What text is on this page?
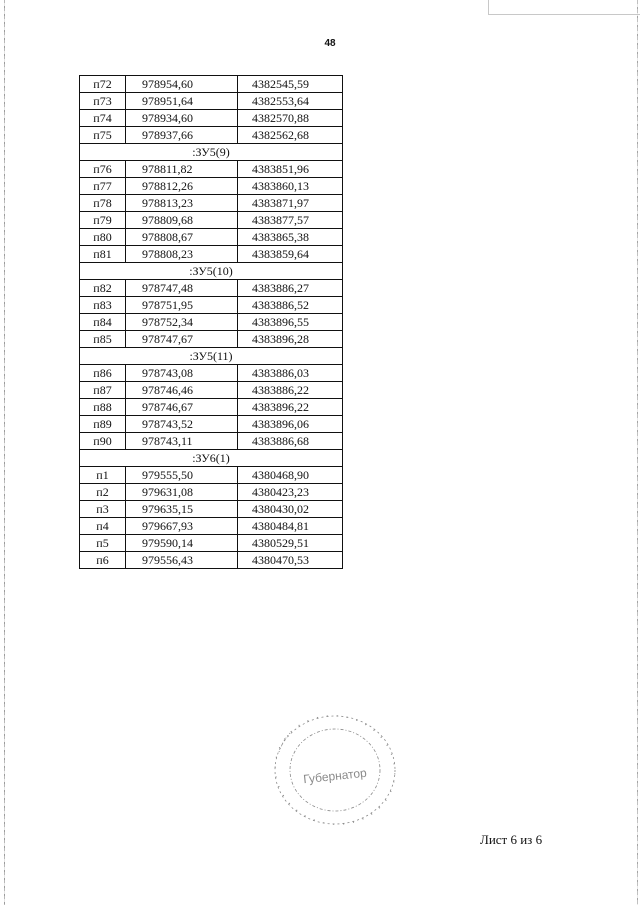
48
п72	978954,60	4382545,59
п73	978951,64	4382553,64
п74	978934,60	4382570,88
п75	978937,66	4382562,68
:ЗУ5(9)		
п76	978811,82	4383851,96
п77	978812,26	4383860,13
п78	978813,23	4383871,97
п79	978809,68	4383877,57
п80	978808,67	4383865,38
п81	978808,23	4383859,64
:ЗУ5(10)		
п82	978747,48	4383886,27
п83	978751,95	4383886,52
п84	978752,34	4383896,55
п85	978747,67	4383896,28
:ЗУ5(11)		
п86	978743,08	4383886,03
п87	978746,46	4383886,22
п88	978746,67	4383896,22
п89	978743,52	4383896,06
п90	978743,11	4383886,68
:ЗУ6(1)		
п1	979555,50	4380468,90
п2	979631,08	4380423,23
п3	979635,15	4380430,02
п4	979667,93	4380484,81
п5	979590,14	4380529,51
п6	979556,43	4380470,53
Губернатор
Лист 6 из 6
